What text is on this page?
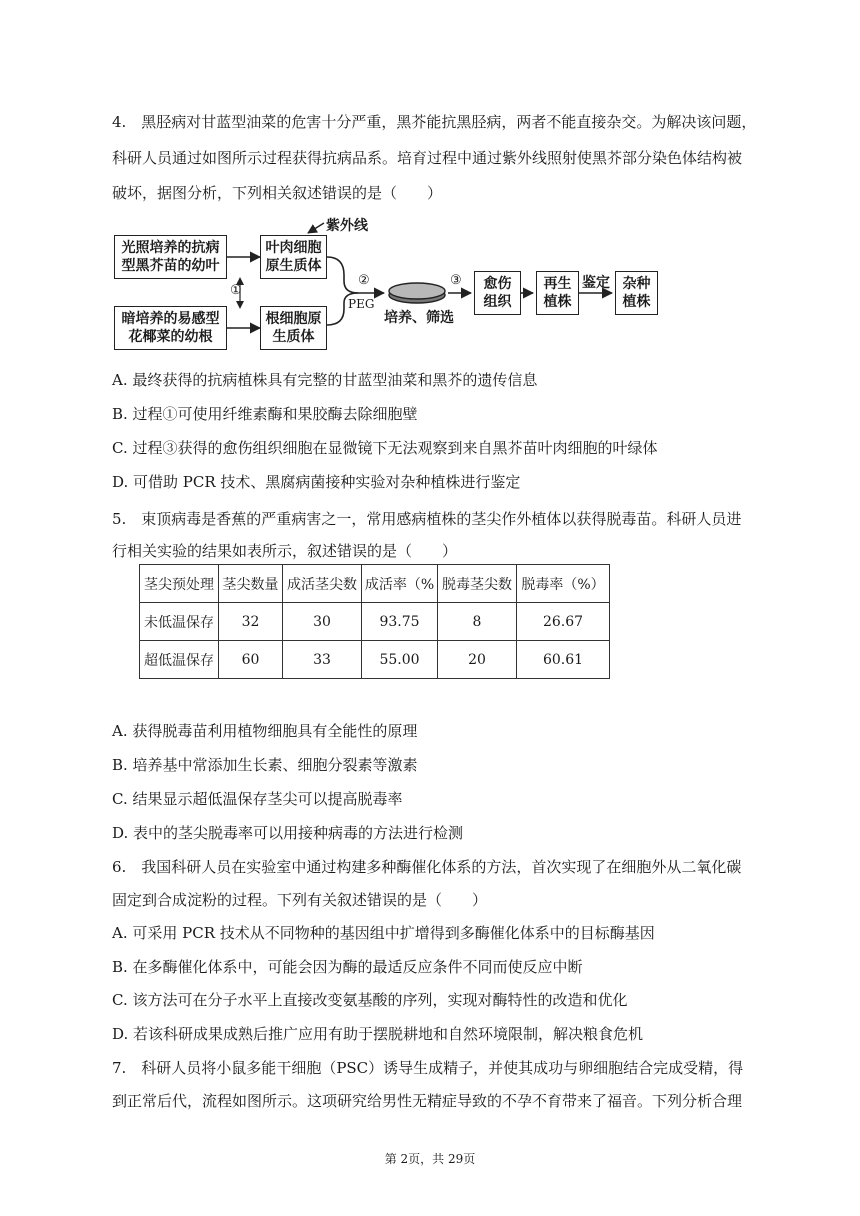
4.　黑胫病对甘蓝型油菜的危害十分严重，黑芥能抗黑胫病，两者不能直接杂交。为解决该问题，
科研人员通过如图所示过程获得抗病品系。培育过程中通过紫外线照射使黑芥部分染色体结构被
破坏，据图分析，下列相关叙述错误的是（　　）
光照培养的抗病型黑芥苗的幼叶
暗培养的易感型花椰菜的幼根
叶肉细胞原生质体
根细胞原生质体
紫外线
①
②
PEG
③
培养、筛选
愈伤组织
再生植株
鉴定 杂种植株
A. 最终获得的抗病植株具有完整的甘蓝型油菜和黑芥的遗传信息
B. 过程①可使用纤维素酶和果胶酶去除细胞壁
C. 过程③获得的愈伤组织细胞在显微镜下无法观察到来自黑芥苗叶肉细胞的叶绿体
D. 可借助 PCR 技术、黑腐病菌接种实验对杂种植株进行鉴定
5.　束顶病毒是香蕉的严重病害之一，常用感病植株的茎尖作外植体以获得脱毒苗。科研人员进
行相关实验的结果如表所示，叙述错误的是（　　）
茎尖预处理	茎尖数量	成活茎尖数	成活率（%	脱毒茎尖数	脱毒率（%）
未低温保存	32	30	93.75	8	26.67
超低温保存	60	33	55.00	20	60.61
A. 获得脱毒苗利用植物细胞具有全能性的原理
B. 培养基中常添加生长素、细胞分裂素等激素
C. 结果显示超低温保存茎尖可以提高脱毒率
D. 表中的茎尖脱毒率可以用接种病毒的方法进行检测
6.　我国科研人员在实验室中通过构建多种酶催化体系的方法，首次实现了在细胞外从二氧化碳
固定到合成淀粉的过程。下列有关叙述错误的是（　　）
A. 可采用 PCR 技术从不同物种的基因组中扩增得到多酶催化体系中的目标酶基因
B. 在多酶催化体系中，可能会因为酶的最适反应条件不同而使反应中断
C. 该方法可在分子水平上直接改变氨基酸的序列，实现对酶特性的改造和优化
D. 若该科研成果成熟后推广应用有助于摆脱耕地和自然环境限制，解决粮食危机
7.　科研人员将小鼠多能干细胞（PSC）诱导生成精子，并使其成功与卵细胞结合完成受精，得
到正常后代，流程如图所示。这项研究给男性无精症导致的不孕不育带来了福音。下列分析合理
第 2页，共 29页
